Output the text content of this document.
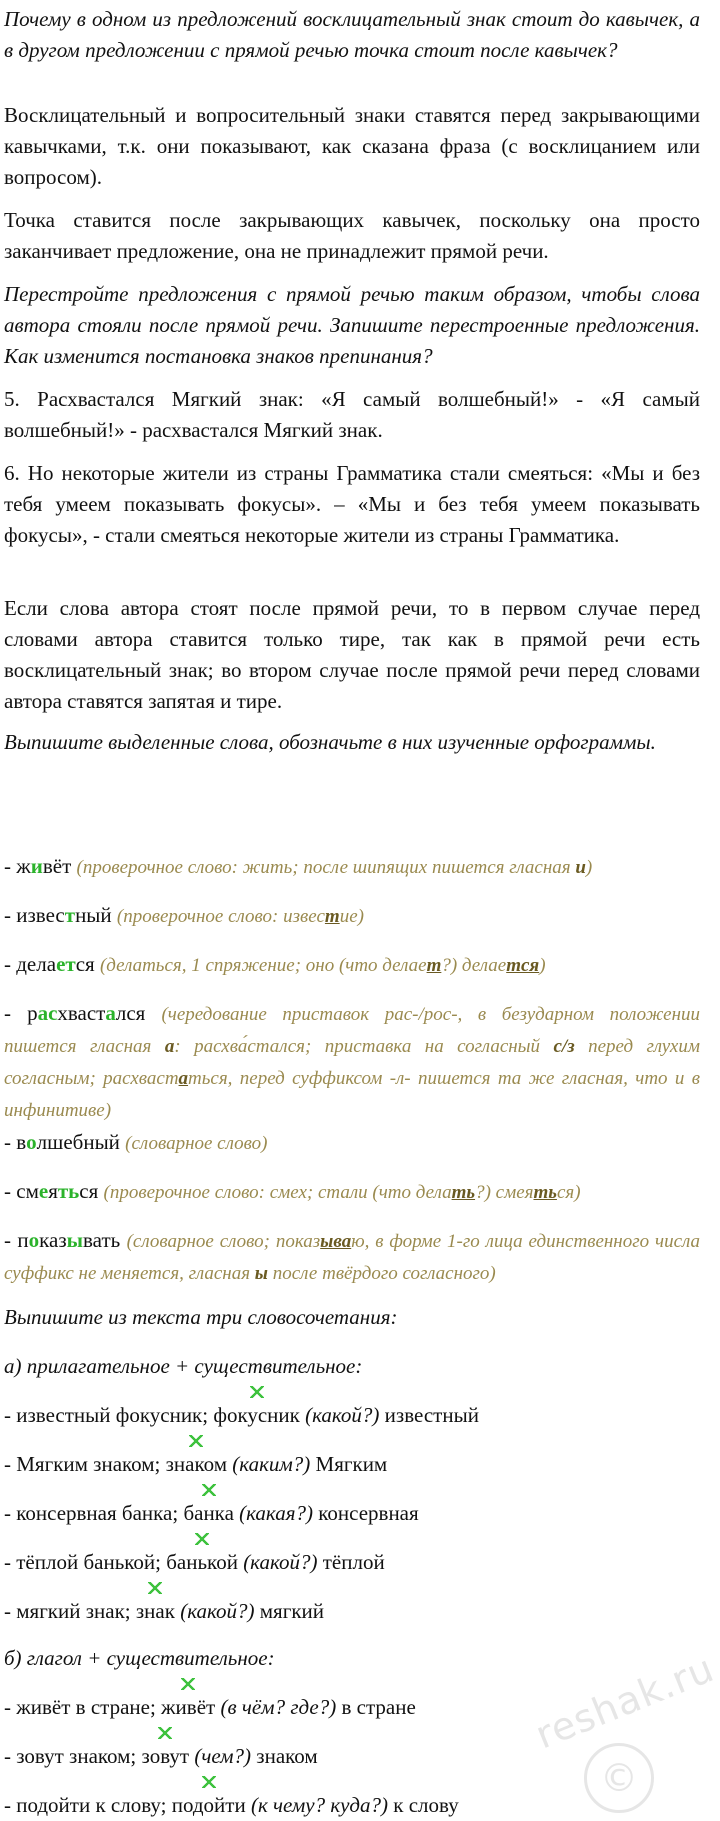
Почему в одном из предложений восклицательный знак стоит до кавычек, а в другом предложении с прямой речью точка стоит после кавычек?

Восклицательный и вопросительный знаки ставятся перед закрывающими кавычками, т.к. они показывают, как сказана фраза (с восклицанием или вопросом).

Точка ставится после закрывающих кавычек, поскольку она просто заканчивает предложение, она не принадлежит прямой речи.

Перестройте предложения с прямой речью таким образом, чтобы слова автора стояли после прямой речи. Запишите перестроенные предложения. Как изменится постановка знаков препинания?

5. Расхвастался Мягкий знак: «Я самый волшебный!» - «Я самый волшебный!» - расхвастался Мягкий знак.

6. Но некоторые жители из страны Грамматика стали смеяться: «Мы и без тебя умеем показывать фокусы». – «Мы и без тебя умеем показывать фокусы», - стали смеяться некоторые жители из страны Грамматика.

Если слова автора стоят после прямой речи, то в первом случае перед словами автора ставится только тире, так как в прямой речи есть восклицательный знак; во втором случае после прямой речи перед словами автора ставятся запятая и тире.

Выпишите выделенные слова, обозначьте в них изученные орфограммы.

- живёт (проверочное слово: жить; после шипящих пишется гласная и)

- известный (проверочное слово: известие)

- делается (делаться, 1 спряжение; оно (что делает?) делается)

- расхвастался (чередование приставок рас-/рос-, в безударном положении пишется гласная а: расхва́стался; приставка на согласный с/з перед глухим согласным; расхвастаться, перед суффиксом -л- пишется та же гласная, что и в инфинитиве)

- волшебный (словарное слово)

- смеяться (проверочное слово: смех; стали (что делать?) смеяться)

- показывать (словарное слово; показываю, в форме 1-го лица единственного числа суффикс не меняется, гласная ы после твёрдого согласного)

Выпишите из текста три словосочетания:

а) прилагательное + существительное:

- известный фокусник; фокусник (какой?) известный

- Мягким знаком; знаком (каким?) Мягким

- консервная банка; банка (какая?) консервная

- тёплой банькой; банькой (какой?) тёплой

- мягкий знак; знак (какой?) мягкий

б) глагол + существительное:

- живёт в стране; живёт (в чём? где?) в стране

- зовут знаком; зовут (чем?) знаком

- подойти к слову; подойти (к чему? куда?) к слову

reshak.ru
©
